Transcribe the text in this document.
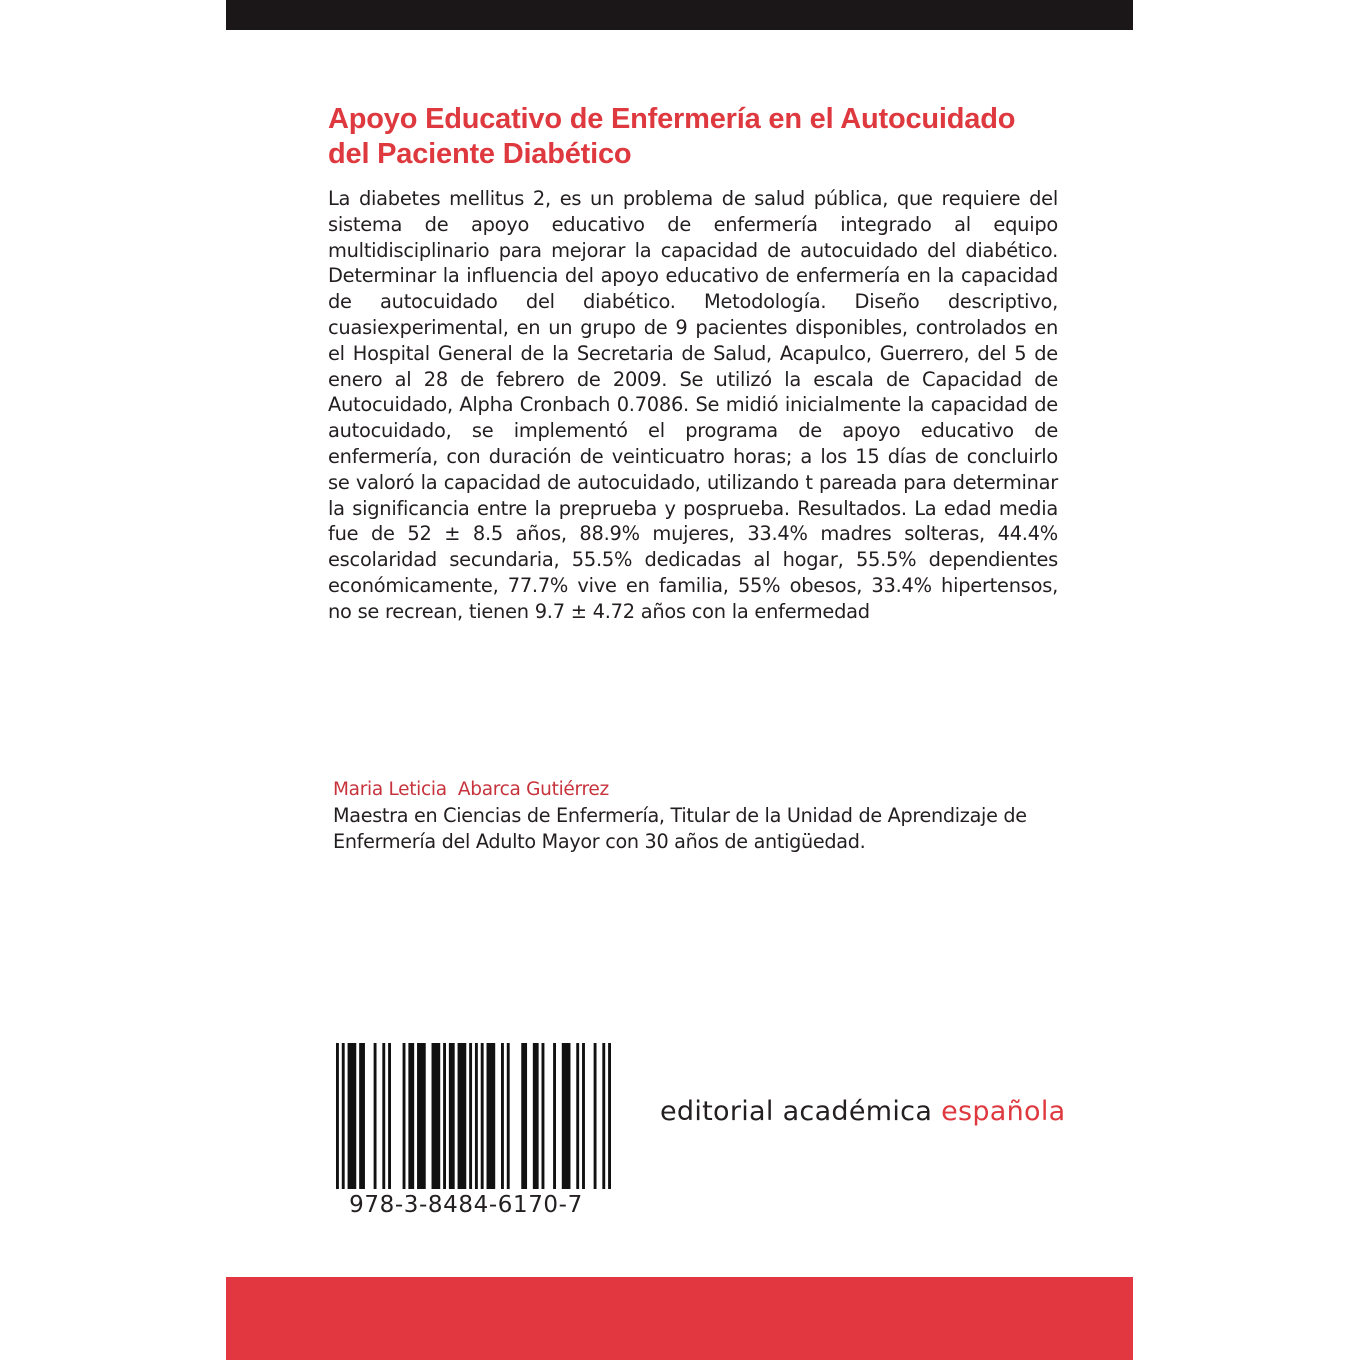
Apoyo Educativo de Enfermería en el Autocuidado del Paciente Diabético

La diabetes mellitus 2, es un problema de salud pública, que requiere del sistema de apoyo educativo de enfermería integrado al equipo multidisciplinario para mejorar la capacidad de autocuidado del diabético. Determinar la influencia del apoyo educativo de enfermería en la capacidad de autocuidado del diabético. Metodología. Diseño descriptivo, cuasiexperimental, en un grupo de 9 pacientes disponibles, controlados en el Hospital General de la Secretaria de Salud, Acapulco, Guerrero, del 5 de enero al 28 de febrero de 2009. Se utilizó la escala de Capacidad de Autocuidado, Alpha Cronbach 0.7086. Se midió inicialmente la capacidad de autocuidado, se implementó el programa de apoyo educativo de enfermería, con duración de veinticuatro horas; a los 15 días de concluirlo se valoró la capacidad de autocuidado, utilizando t pareada para determinar la significancia entre la preprueba y posprueba. Resultados. La edad media fue de 52 ± 8.5 años, 88.9% mujeres, 33.4% madres solteras, 44.4% escolaridad secundaria, 55.5% dedicadas al hogar, 55.5% dependientes económicamente, 77.7% vive en familia, 55% obesos, 33.4% hipertensos, no se recrean, tienen 9.7 ± 4.72 años con la enfermedad

Maria Leticia  Abarca Gutiérrez

Maestra en Ciencias de Enfermería, Titular de la Unidad de Aprendizaje de Enfermería del Adulto Mayor con 30 años de antigüedad.

978-3-8484-6170-7

editorial académica española
